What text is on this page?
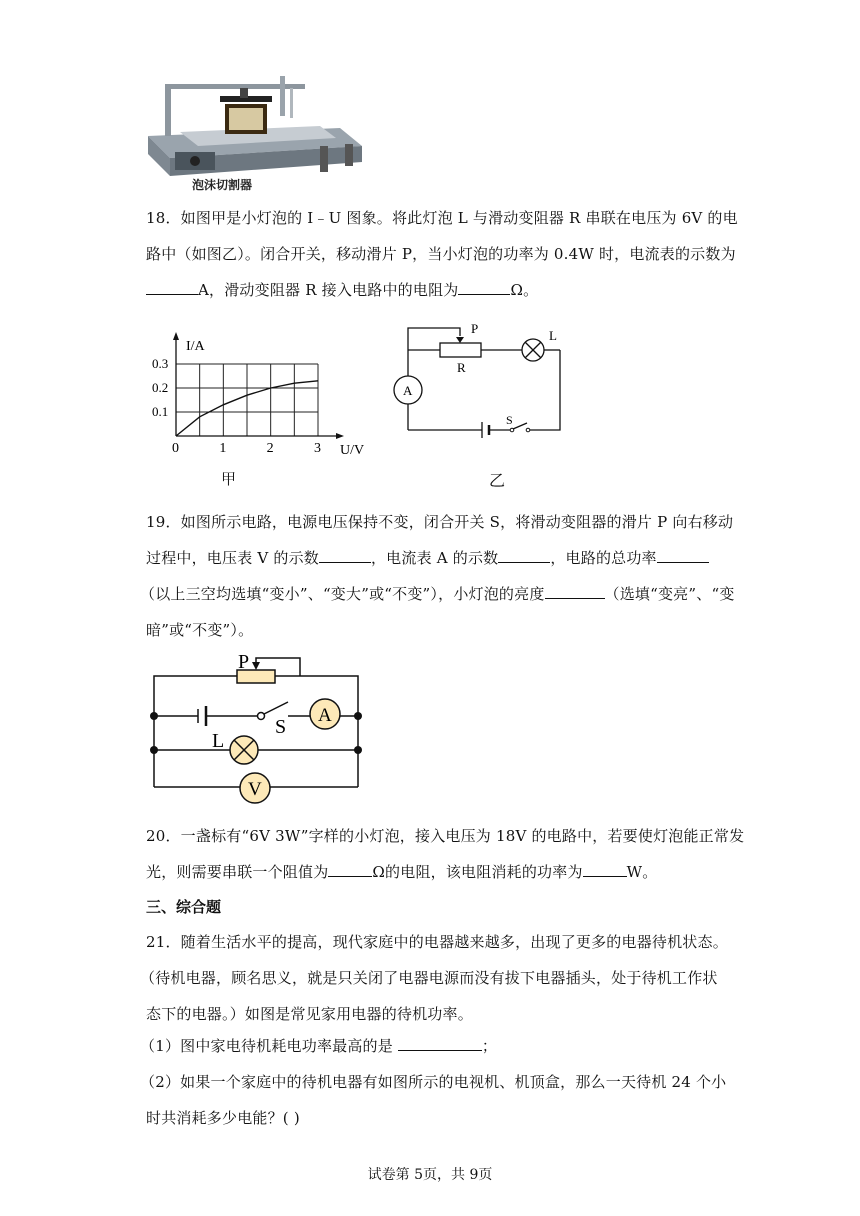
泡沫切割器
18．如图甲是小灯泡的 I﹣U 图象。将此灯泡 L 与滑动变阻器 R 串联在电压为 6V 的电
路中（如图乙）。闭合开关，移动滑片 P，当小灯泡的功率为 0.4W 时，电流表的示数为
A，滑动变阻器 R 接入电路中的电阻为	Ω。
0	1	2	3
0.1
0.2
0.3
U/V
I/A
甲
P
R
L
A
S
乙
19．如图所示电路，电源电压保持不变，闭合开关 S，将滑动变阻器的滑片 P 向右移动
过程中，电压表 V 的示数	，电流表 A 的示数	，电路的总功率
（以上三空均选填“变小”、“变大”或“不变”），小灯泡的亮度	（选填“变亮”、“变
暗”或“不变”）。
P
S
A
L
V
20．一盏标有“6V 3W”字样的小灯泡，接入电压为 18V 的电路中，若要使灯泡能正常发
光，则需要串联一个阻值为	Ω的电阻，该电阻消耗的功率为	W。
三、综合题
21．随着生活水平的提高，现代家庭中的电器越来越多，出现了更多的电器待机状态。
（待机电器，顾名思义，就是只关闭了电器电源而没有拔下电器插头，处于待机工作状
态下的电器。）如图是常见家用电器的待机功率。
（1）图中家电待机耗电功率最高的是	；
（2）如果一个家庭中的待机电器有如图所示的电视机、机顶盒，那么一天待机 24 个小
时共消耗多少电能？( )
试卷第 5页，共 9页
